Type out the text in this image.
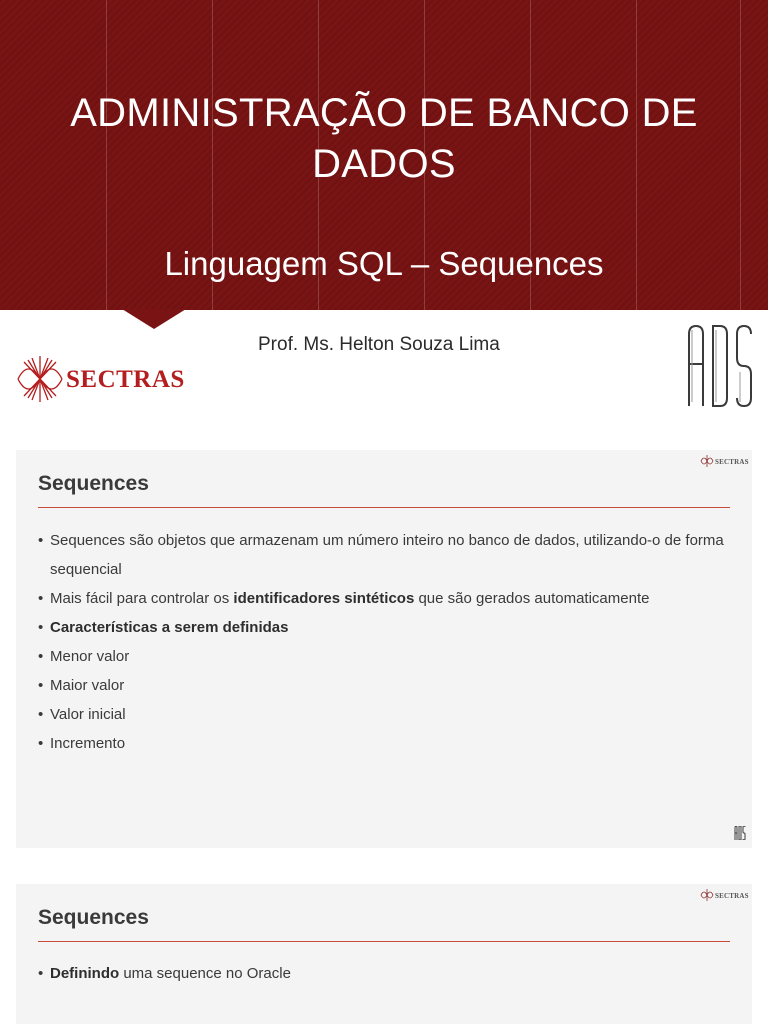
ADMINISTRAÇÃO DE BANCO DE DADOS
Linguagem SQL – Sequences
Prof. Ms. Helton Souza Lima
SECTRAS
SECTRAS
Sequences
• Sequences são objetos que armazenam um número inteiro no banco de dados, utilizando-o de forma sequencial
• Mais fácil para controlar os identificadores sintéticos que são gerados automaticamente
• Características a serem definidas
• Menor valor
• Maior valor
• Valor inicial
• Incremento
SECTRAS
Sequences
• Definindo uma sequence no Oracle
